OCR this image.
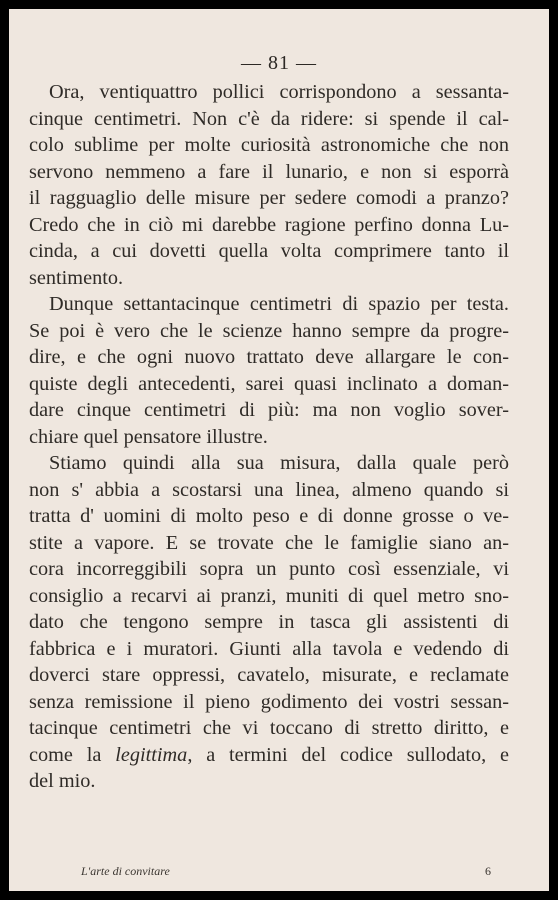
— 81 —
Ora, ventiquattro pollici corrispondono a sessanta-
cinque centimetri. Non c'è da ridere: si spende il cal-
colo sublime per molte curiosità astronomiche che non
servono nemmeno a fare il lunario, e non si esporrà
il ragguaglio delle misure per sedere comodi a pranzo?
Credo che in ciò mi darebbe ragione perfino donna Lu-
cinda, a cui dovetti quella volta comprimere tanto il
sentimento.
Dunque settantacinque centimetri di spazio per testa.
Se poi è vero che le scienze hanno sempre da progre-
dire, e che ogni nuovo trattato deve allargare le con-
quiste degli antecedenti, sarei quasi inclinato a doman-
dare cinque centimetri di più: ma non voglio sover-
chiare quel pensatore illustre.
Stiamo quindi alla sua misura, dalla quale però
non s' abbia a scostarsi una linea, almeno quando si
tratta d' uomini di molto peso e di donne grosse o ve-
stite a vapore. E se trovate che le famiglie siano an-
cora incorreggibili sopra un punto così essenziale, vi
consiglio a recarvi ai pranzi, muniti di quel metro sno-
dato che tengono sempre in tasca gli assistenti di
fabbrica e i muratori. Giunti alla tavola e vedendo di
doverci stare oppressi, cavatelo, misurate, e reclamate
senza remissione il pieno godimento dei vostri sessan-
tacinque centimetri che vi toccano di stretto diritto, e
come la legittima, a termini del codice sullodato, e
del mio.
L'arte di convitare	6
